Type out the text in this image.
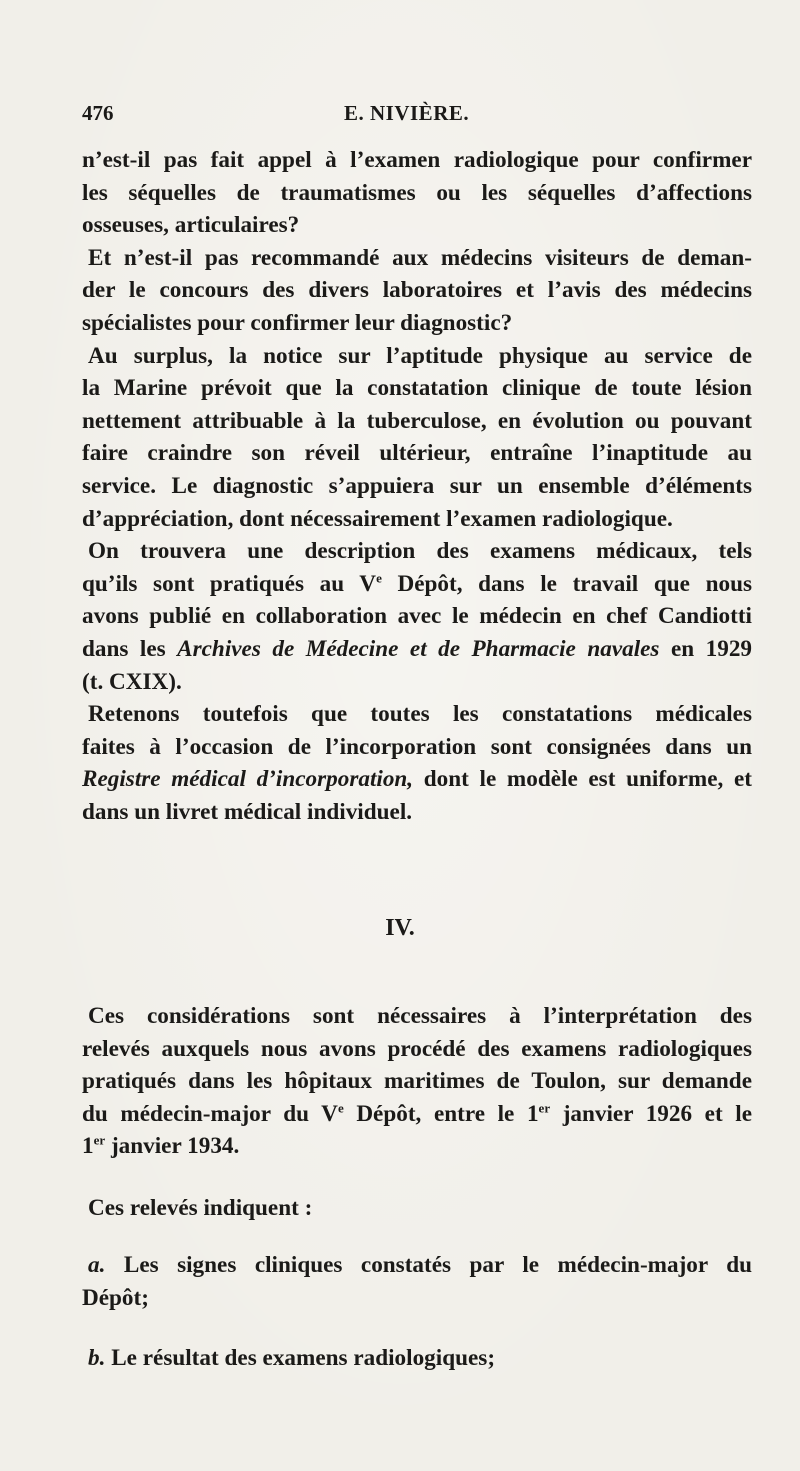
476	E. NIVIÈRE.
n’est-il pas fait appel à l’examen radiologique pour confirmer
les séquelles de traumatismes ou les séquelles d’affections
osseuses, articulaires?
Et n’est-il pas recommandé aux médecins visiteurs de deman-
der le concours des divers laboratoires et l’avis des médecins
spécialistes pour confirmer leur diagnostic?
Au surplus, la notice sur l’aptitude physique au service de
la Marine prévoit que la constatation clinique de toute lésion
nettement attribuable à la tuberculose, en évolution ou pouvant
faire craindre son réveil ultérieur, entraîne l’inaptitude au
service. Le diagnostic s’appuiera sur un ensemble d’éléments
d’appréciation, dont nécessairement l’examen radiologique.
On trouvera une description des examens médicaux, tels
qu’ils sont pratiqués au Ve Dépôt, dans le travail que nous
avons publié en collaboration avec le médecin en chef Candiotti
dans les Archives de Médecine et de Pharmacie navales en 1929
(t. CXIX).
Retenons toutefois que toutes les constatations médicales
faites à l’occasion de l’incorporation sont consignées dans un
Registre médical d’incorporation, dont le modèle est uniforme, et
dans un livret médical individuel.
IV.
Ces considérations sont nécessaires à l’interprétation des
relevés auxquels nous avons procédé des examens radiologiques
pratiqués dans les hôpitaux maritimes de Toulon, sur demande
du médecin-major du Ve Dépôt, entre le 1er janvier 1926 et le
1er janvier 1934.
Ces relevés indiquent :
a. Les signes cliniques constatés par le médecin-major du
Dépôt;
b. Le résultat des examens radiologiques;
